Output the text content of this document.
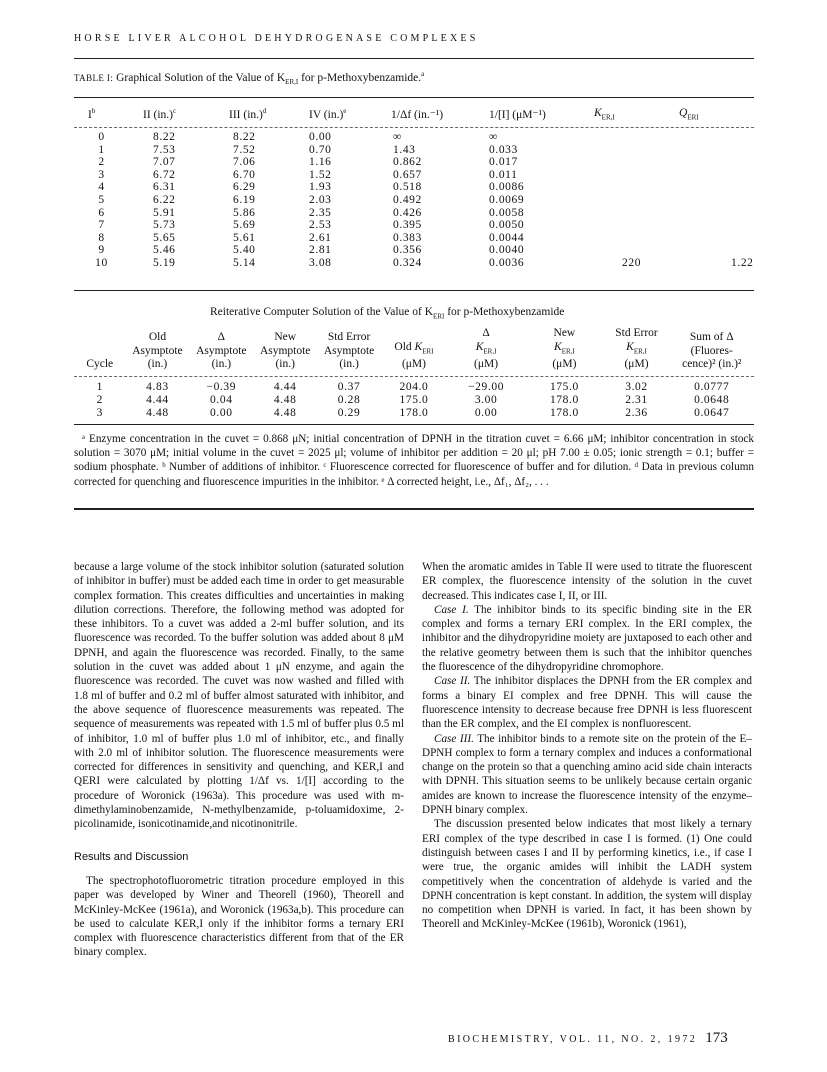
HORSE LIVER ALCOHOL DEHYDROGENASE COMPLEXES
TABLE I: Graphical Solution of the Value of $K_{ER,I}$ for p-Methoxybenzamide.$^a$
$I^b$	II $(in.)^c$	III $(in.)^d$	IV $(in.)^e$	1/Δf (in.⁻¹)	1/[I] (μM⁻¹)	$K_{ER,I}$	$Q_{ERI}$
0	8.22	8.22	0.00	∞	∞		
1	7.53	7.52	0.70	1.43	0.033		
2	7.07	7.06	1.16	0.862	0.017		
3	6.72	6.70	1.52	0.657	0.011		
4	6.31	6.29	1.93	0.518	0.0086		
5	6.22	6.19	2.03	0.492	0.0069		
6	5.91	5.86	2.35	0.426	0.0058		
7	5.73	5.69	2.53	0.395	0.0050		
8	5.65	5.61	2.61	0.383	0.0044		
9	5.46	5.40	2.81	0.356	0.0040		
10	5.19	5.14	3.08	0.324	0.0036	220	1.22
Reiterative Computer Solution of the Value of $K_{ERI}$ for p-Methoxybenzamide
Cycle	Old
Asymptote
(in.)	Δ
Asymptote
(in.)	New
Asymptote
(in.)	Std Error
Asymptote
(in.)	Old $K_{ERI}$
(μM)	Δ
$K_{ER,I}$
(μM)	New
$K_{ER,I}$
(μM)	Std Error
$K_{ER,I}$
(μM)	Sum of Δ
(Fluores-
cence)² (in.)²
1	4.83	−0.39	4.44	0.37	204.0	−29.00	175.0	3.02	0.0777
2	4.44	0.04	4.48	0.28	175.0	3.00	178.0	2.31	0.0648
3	4.48	0.00	4.48	0.29	178.0	0.00	178.0	2.36	0.0647
ᵃ Enzyme concentration in the cuvet = 0.868 μN; initial concentration of DPNH in the titration cuvet = 6.66 μM; inhibitor concentration in stock solution = 3070 μM; initial volume in the cuvet = 2025 μl; volume of inhibitor per addition = 20 μl; pH 7.00 ± 0.05; ionic strength = 0.1; buffer = sodium phosphate. ᵇ Number of additions of inhibitor. ᶜ Fluorescence corrected for fluorescence of buffer and for dilution. ᵈ Data in previous column corrected for quenching and fluorescence impurities in the inhibitor. ᵉ Δ corrected height, i.e., Δf₁, Δf₂, . . .

because a large volume of the stock inhibitor solution (saturated solution of inhibitor in buffer) must be added each time in order to get measurable complex formation. This creates difficulties and uncertainties in making dilution corrections. Therefore, the following method was adopted for these inhibitors. To a cuvet was added a 2-ml buffer solution, and its fluorescence was recorded. To the buffer solution was added about 8 μM DPNH, and again the fluorescence was recorded. Finally, to the same solution in the cuvet was added about 1 μN enzyme, and again the fluorescence was recorded. The cuvet was now washed and filled with 1.8 ml of buffer and 0.2 ml of buffer almost saturated with inhibitor, and the above sequence of fluorescence measurements was repeated. The sequence of measurements was repeated with 1.5 ml of buffer plus 0.5 ml of inhibitor, 1.0 ml of buffer plus 1.0 ml of inhibitor, etc., and finally with 2.0 ml of inhibitor solution. The fluorescence measurements were corrected for differences in sensitivity and quenching, and KER,I and QERI were calculated by plotting 1/Δf vs. 1/[I] according to the procedure of Woronick (1963a). This procedure was used with m-dimethylaminobenzamide, N-methylbenzamide, p-toluamidoxime, 2-picolinamide, isonicotinamide,and nicotinonitrile.

Results and Discussion

The spectrophotofluorometric titration procedure employed in this paper was developed by Winer and Theorell (1960), Theorell and McKinley-McKee (1961a), and Woronick (1963a,b). This procedure can be used to calculate KER,I only if the inhibitor forms a ternary ERI complex with fluorescence characteristics different from that of the ER binary complex.

When the aromatic amides in Table II were used to titrate the fluorescent ER complex, the fluorescence intensity of the solution in the cuvet decreased. This indicates case I, II, or III.

Case I. The inhibitor binds to its specific binding site in the ER complex and forms a ternary ERI complex. In the ERI complex, the inhibitor and the dihydropyridine moiety are juxtaposed to each other and the relative geometry between them is such that the inhibitor quenches the fluorescence of the dihydropyridine chromophore.

Case II. The inhibitor displaces the DPNH from the ER complex and forms a binary EI complex and free DPNH. This will cause the fluorescence intensity to decrease because free DPNH is less fluorescent than the ER complex, and the EI complex is nonfluorescent.

Case III. The inhibitor binds to a remote site on the protein of the E–DPNH complex to form a ternary complex and induces a conformational change on the protein so that a quenching amino acid side chain interacts with DPNH. This situation seems to be unlikely because certain organic amides are known to increase the fluorescence intensity of the enzyme–DPNH binary complex.

The discussion presented below indicates that most likely a ternary ERI complex of the type described in case I is formed. (1) One could distinguish between cases I and II by performing kinetics, i.e., if case I were true, the organic amides will inhibit the LADH system competitively when the concentration of aldehyde is varied and the DPNH concentration is kept constant. In addition, the system will display no competition when DPNH is varied. In fact, it has been shown by Theorell and McKinley-McKee (1961b), Woronick (1961),

BIOCHEMISTRY, VOL. 11, NO. 2, 1972 173
